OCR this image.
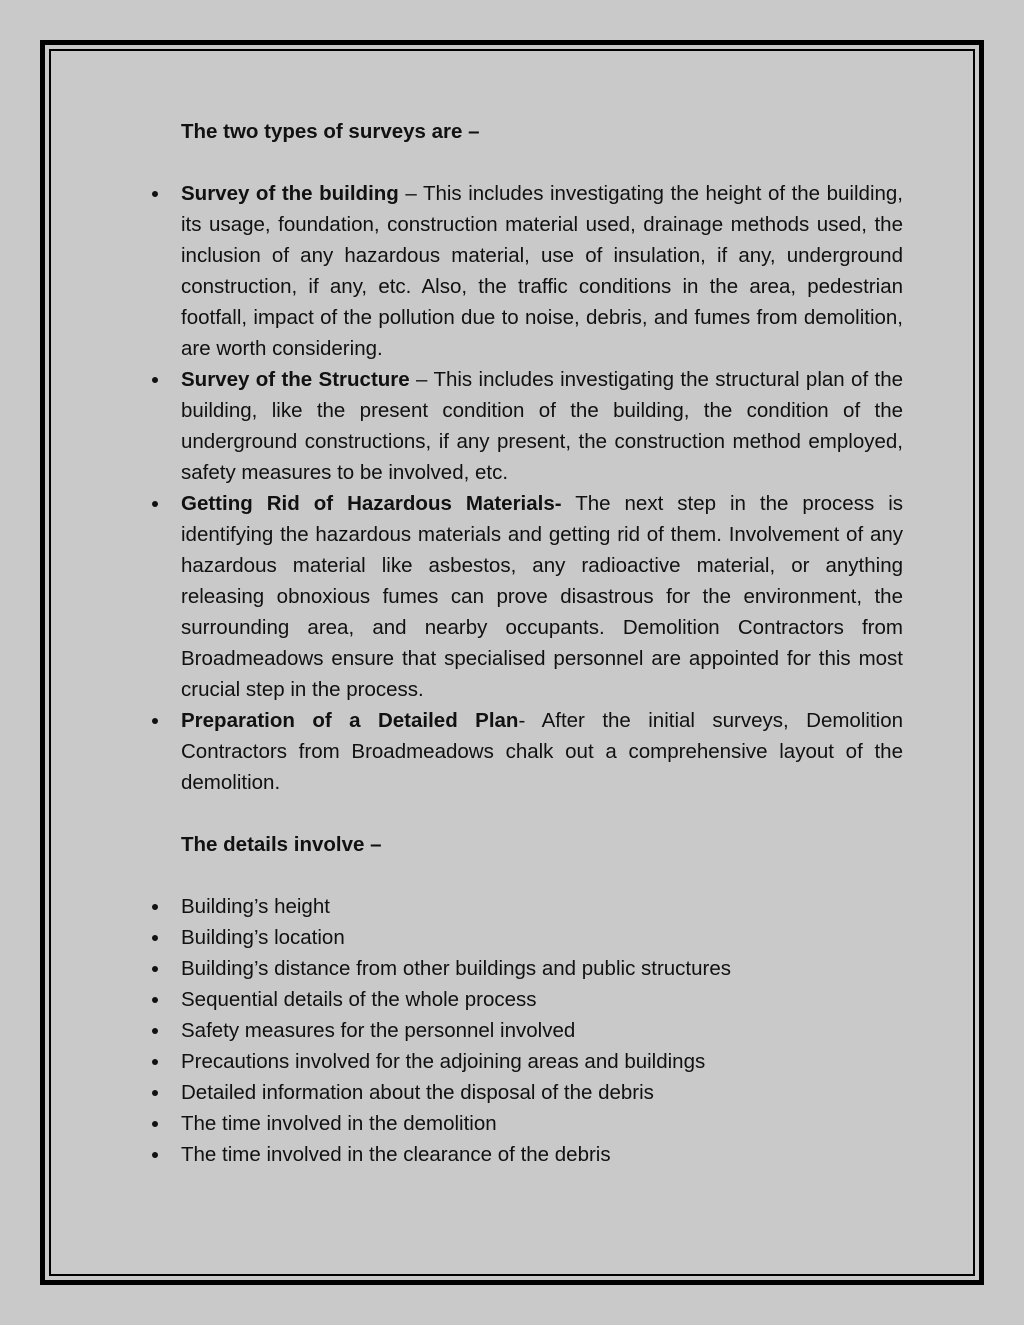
The two types of surveys are –

Survey of the building – This includes investigating the height of the building, its usage, foundation, construction material used, drainage methods used, the inclusion of any hazardous material, use of insulation, if any, underground construction, if any, etc. Also, the traffic conditions in the area, pedestrian footfall, impact of the pollution due to noise, debris, and fumes from demolition, are worth considering.
Survey of the Structure – This includes investigating the structural plan of the building, like the present condition of the building, the condition of the underground constructions, if any present, the construction method employed, safety measures to be involved, etc.
Getting Rid of Hazardous Materials- The next step in the process is identifying the hazardous materials and getting rid of them. Involvement of any hazardous material like asbestos, any radioactive material, or anything releasing obnoxious fumes can prove disastrous for the environment, the surrounding area, and nearby occupants. Demolition Contractors from Broadmeadows ensure that specialised personnel are appointed for this most crucial step in the process.
Preparation of a Detailed Plan- After the initial surveys, Demolition Contractors from Broadmeadows chalk out a comprehensive layout of the demolition.

The details involve –

Building’s height
Building’s location
Building’s distance from other buildings and public structures
Sequential details of the whole process
Safety measures for the personnel involved
Precautions involved for the adjoining areas and buildings
Detailed information about the disposal of the debris
The time involved in the demolition
The time involved in the clearance of the debris
